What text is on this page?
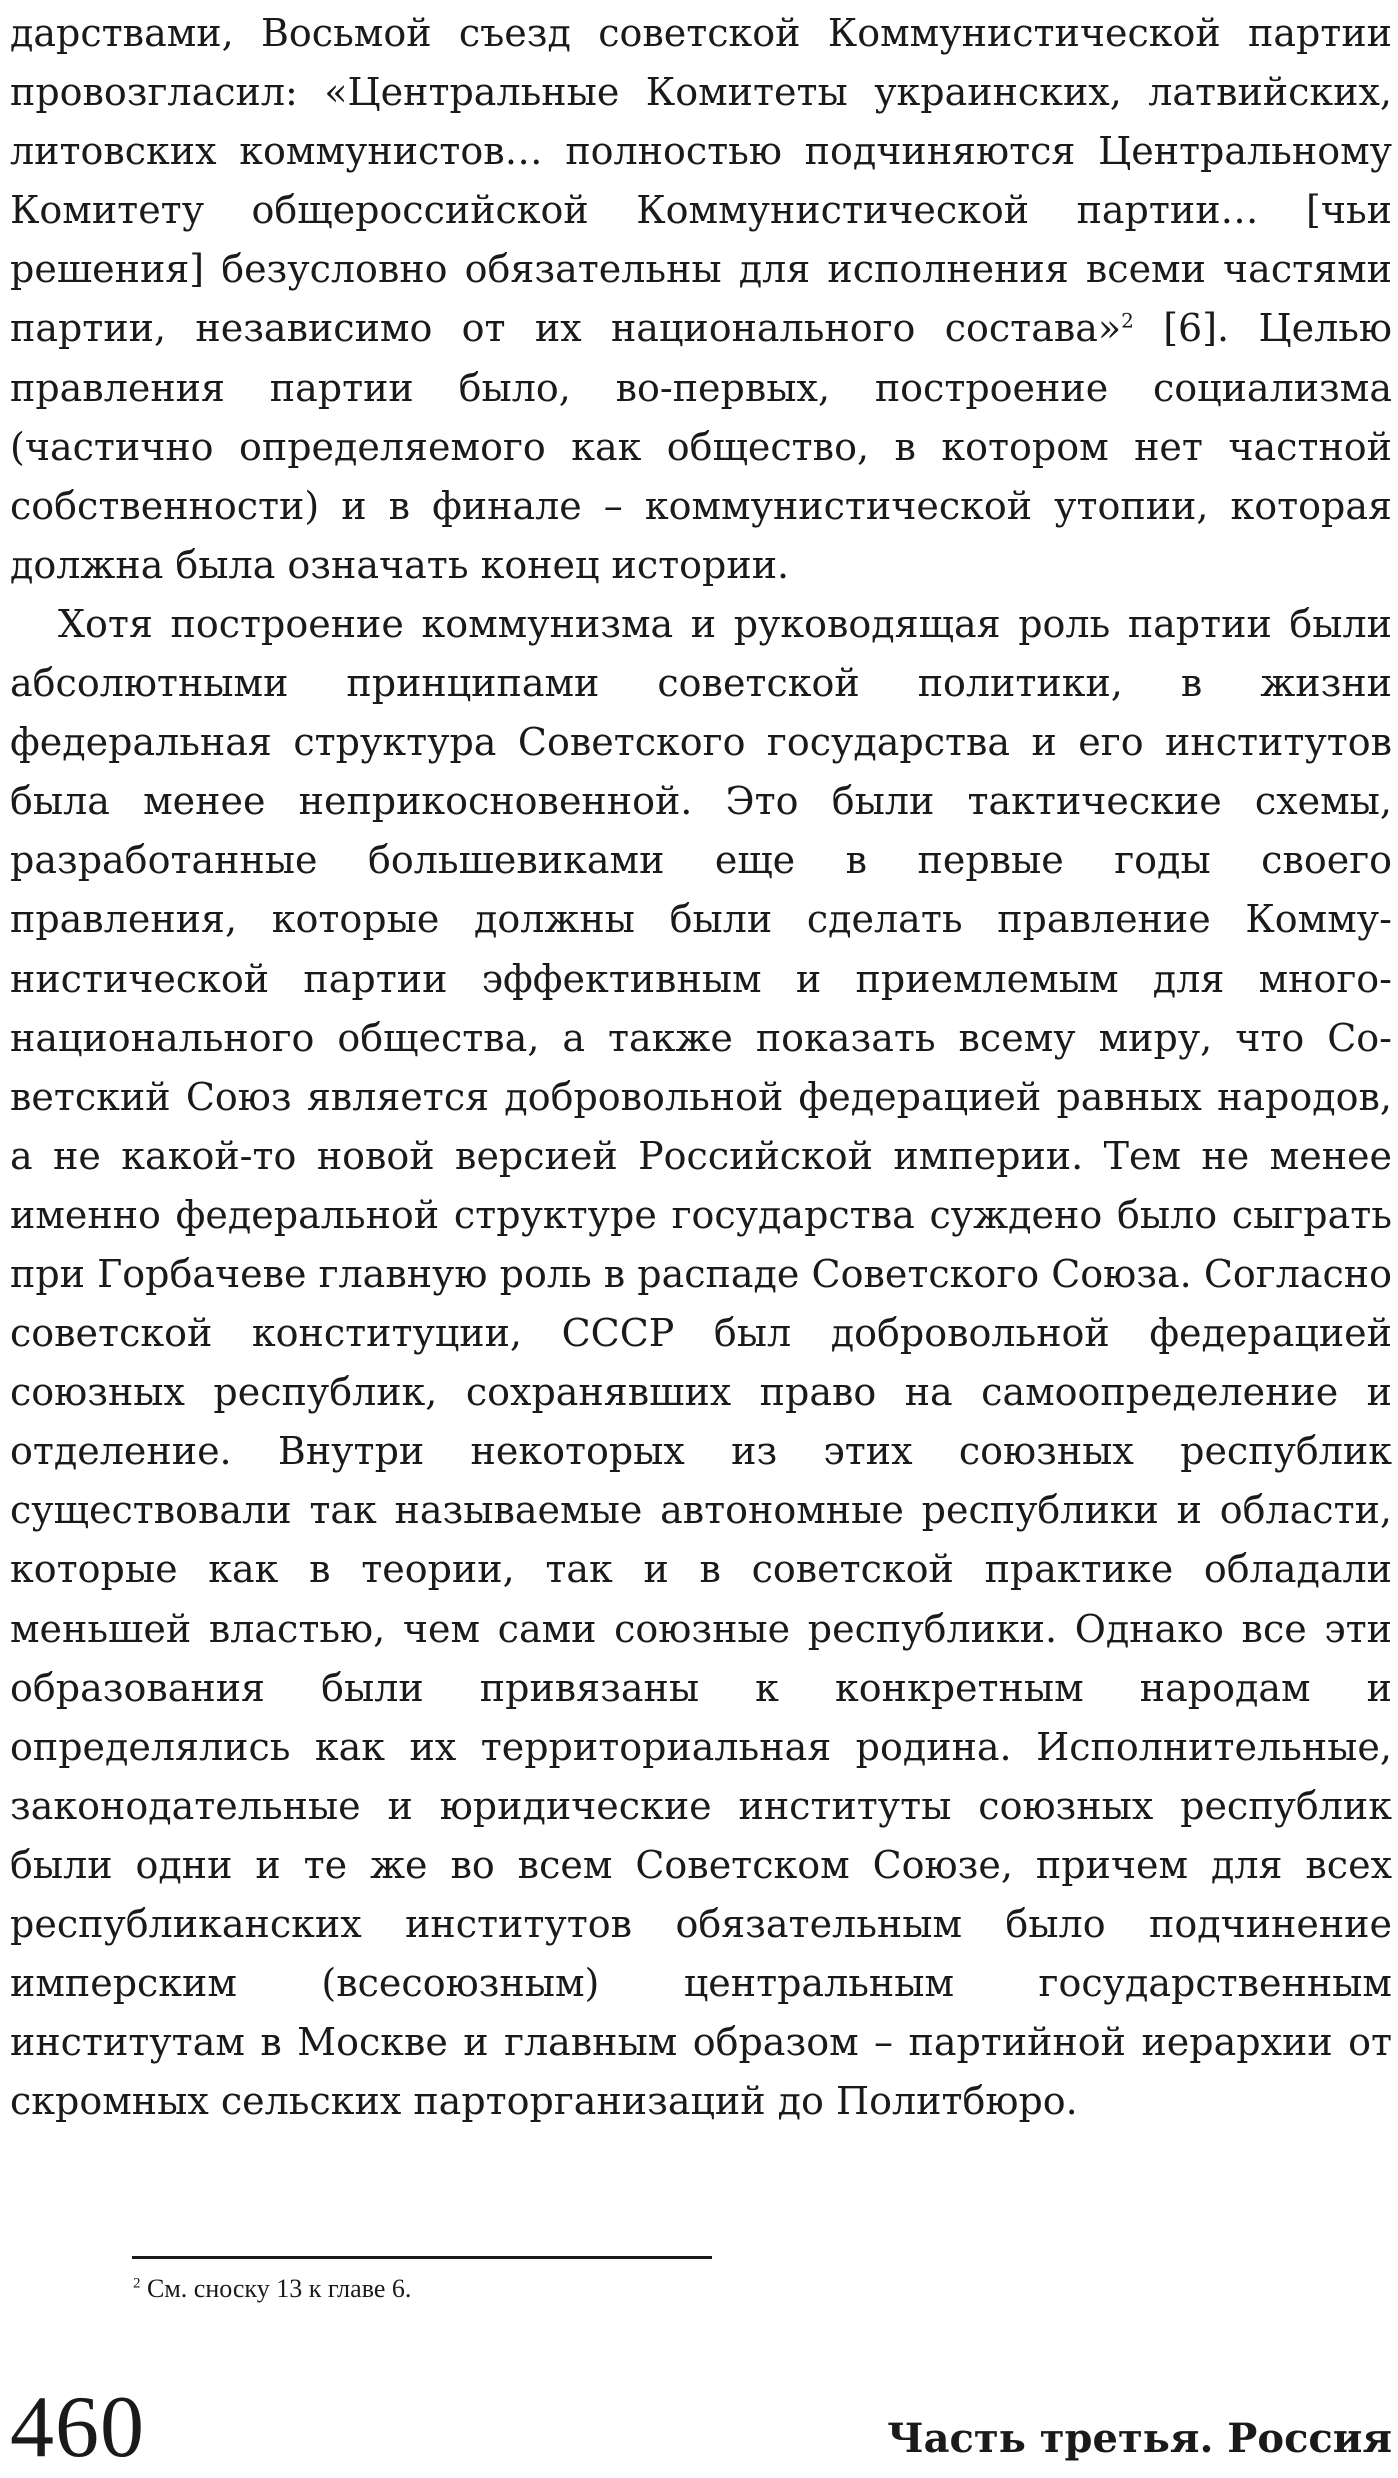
дарствами, Восьмой съезд советской Коммунистической партии провозгласил: «Центральные Комитеты украинских, латвийских, литовских коммунистов… полностью подчиняются Центральному Комитету общероссийской Коммунистической партии… [чьи решения] безусловно обязательны для исполнения всеми частями партии, независимо от их национального состава»$^2$ [6]. Целью правления партии было, во-первых, построение социализма (частично определяемого как общество, в котором нет частной собственности) и в финале – коммунистической утопии, которая должна была означать конец истории.

Хотя построение коммунизма и руководящая роль партии были абсолютными принципами советской политики, в жизни федеральная структура Советского государства и его институтов была менее неприкосновенной. Это были тактические схемы, разработанные большевиками еще в первые годы своего правления, которые должны были сделать правление Коммунистической партии эффективным и приемлемым для многонационального общества, а также показать всему миру, что Советский Союз является добровольной федерацией равных народов, а не какой-то новой версией Российской империи. Тем не менее именно федеральной структуре государства суждено было сыграть при Горбачеве главную роль в распаде Советского Союза. Согласно советской конституции, СССР был добровольной федерацией союзных республик, сохранявших право на самоопределение и отделение. Внутри некоторых из этих союзных республик существовали так называемые автономные республики и области, которые как в теории, так и в советской практике обладали меньшей властью, чем сами союзные республики. Однако все эти образования были привязаны к конкретным народам и определялись как их территориальная родина. Исполнительные, законодательные и юридические институты союзных республик были одни и те же во всем Советском Союзе, причем для всех республиканских институтов обязательным было подчинение имперским (всесоюзным) центральным государственным институтам в Москве и главным образом – партийной иерархии от скромных сельских парторганизаций до Политбюро.

$^2$ См. сноску 13 к главе 6.
460	Часть третья. Россия
